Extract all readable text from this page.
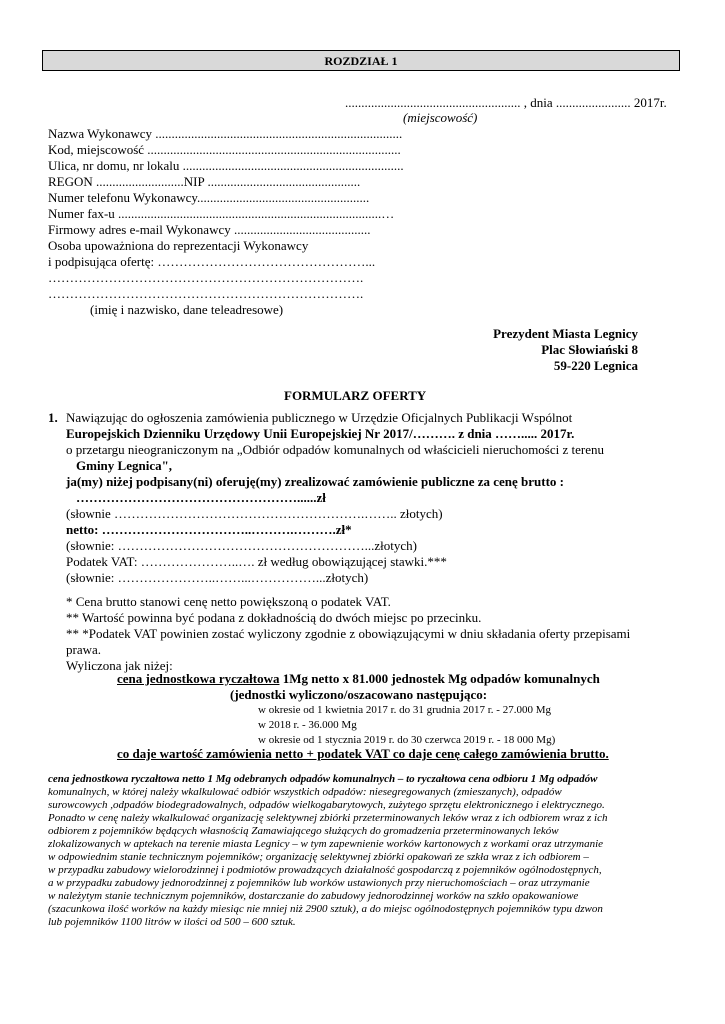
ROZDZIAŁ 1
...................................................... , dnia ....................... 2017r.
(miejscowość)
Nazwa Wykonawcy ............................................................................
Kod, miejscowość ..............................................................................
Ulica, nr domu, nr lokalu ....................................................................
REGON ...........................NIP ...............................................
Numer telefonu Wykonawcy.....................................................
Numer fax-u .................................................................................…
Firmowy adres e-mail Wykonawcy ..........................................
Osoba upoważniona do reprezentacji Wykonawcy
i podpisująca ofertę: …………………………………………...
……………………………………………………………….
……………………………………………………………….
(imię i nazwisko, dane teleadresowe)
Prezydent Miasta Legnicy
Plac Słowiański 8
59-220 Legnica
FORMULARZ OFERTY
1. Nawiązując do ogłoszenia zamówienia publicznego w Urzędzie Oficjalnych Publikacji Wspólnot
Europejskich Dzienniku Urzędowy Unii Europejskiej Nr 2017/………. z dnia ……..... 2017r.
o przetargu nieograniczonym na „Odbiór odpadów komunalnych od właścicieli nieruchomości z terenu
Gminy Legnica",
ja(my) niżej podpisany(ni) oferuję(my) zrealizować zamówienie publiczne za cenę brutto :
……………………………………………......zł
(słownie ………………………………………………….…….. złotych)
netto: ……………………………..……….……….zł*
(słownie: …………………………………………………...złotych)
Podatek VAT: …………………..…. zł według obowiązującej stawki.***
(słownie: …………………..……...……………...złotych)
* Cena brutto stanowi cenę netto powiększoną o podatek VAT.
** Wartość powinna być podana z dokładnością do dwóch miejsc po przecinku.
** *Podatek VAT powinien zostać wyliczony zgodnie z obowiązującymi w dniu składania oferty przepisami
prawa.
Wyliczona jak niżej:
cena jednostkowa ryczałtowa 1Mg netto x 81.000 jednostek Mg odpadów komunalnych
(jednostki wyliczono/oszacowano następująco:
w okresie od 1 kwietnia 2017 r. do 31 grudnia 2017 r. - 27.000 Mg
w 2018 r. - 36.000 Mg
w okresie od 1 stycznia 2019 r. do 30 czerwca 2019 r. - 18 000 Mg)
co daje wartość zamówienia netto + podatek VAT co daje cenę całego zamówienia brutto.
cena jednostkowa ryczałtowa netto 1 Mg odebranych odpadów komunalnych – to ryczałtowa cena odbioru 1 Mg odpadów
komunalnych, w której należy wkalkulować odbiór wszystkich odpadów: niesegregowanych (zmieszanych), odpadów
surowcowych ,odpadów biodegradowalnych, odpadów wielkogabarytowych, zużytego sprzętu elektronicznego i elektrycznego.
Ponadto w cenę należy wkalkulować organizację selektywnej zbiórki przeterminowanych leków wraz z ich odbiorem wraz z ich
odbiorem z pojemników będących własnością Zamawiającego służących do gromadzenia przeterminowanych leków
zlokalizowanych w aptekach na terenie miasta Legnicy – w tym zapewnienie worków kartonowych z workami oraz utrzymanie
w odpowiednim stanie technicznym pojemników; organizację selektywnej zbiórki opakowań ze szkła wraz z ich odbiorem –
w przypadku zabudowy wielorodzinnej i podmiotów prowadzących działalność gospodarczą z pojemników ogólnodostępnych,
a w przypadku zabudowy jednorodzinnej z pojemników lub worków ustawionych przy nieruchomościach – oraz utrzymanie
w należytym stanie technicznym pojemników, dostarczanie do zabudowy jednorodzinnej worków na szkło opakowaniowe
(szacunkowa ilość worków na każdy miesiąc nie mniej niż 2900 sztuk), a do miejsc ogólnodostępnych pojemników typu dzwon
lub pojemników 1100 litrów w ilości od 500 – 600 sztuk.
